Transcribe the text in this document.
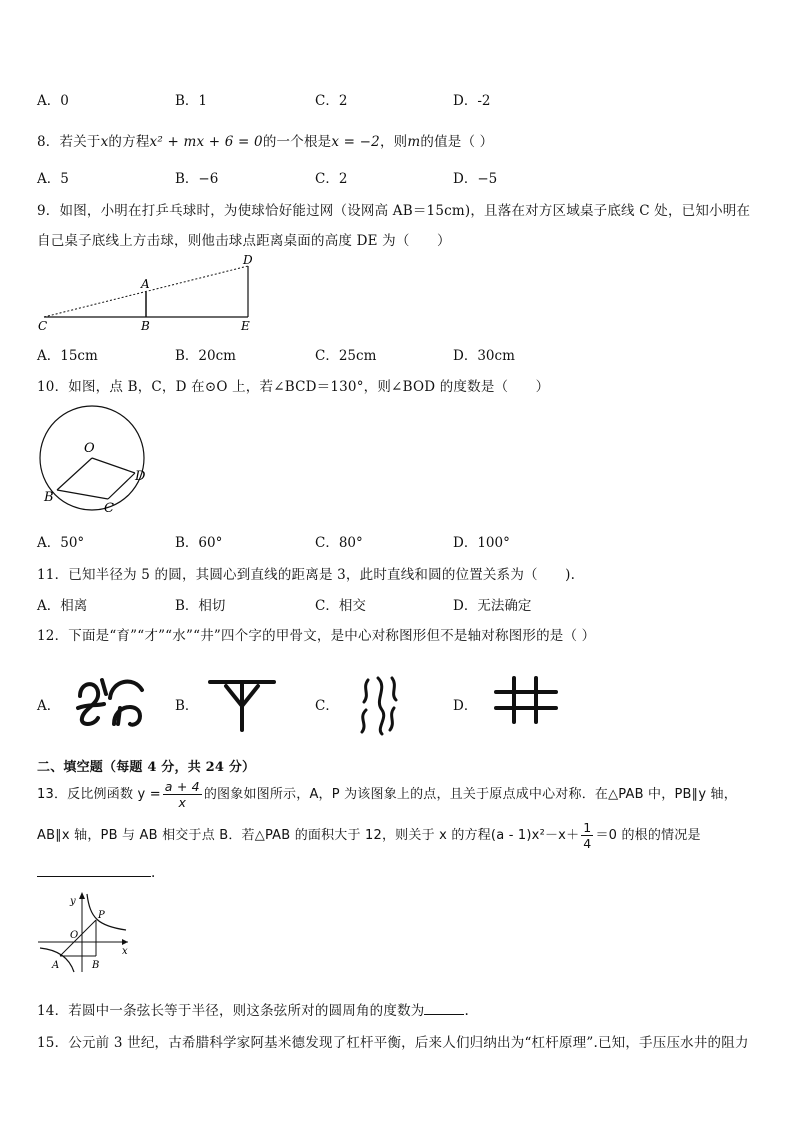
A．0	B．1	C．2	D．-2
8．若关于x的方程x² + mx + 6 = 0的一个根是x = −2，则m的值是（ ）
A．5	B．−6	C．2	D．−5
9．如图，小明在打乒乓球时，为使球恰好能过网（设网高 AB＝15cm)，且落在对方区域桌子底线 C 处，已知小明在
自己桌子底线上方击球，则他击球点距离桌面的高度 DE 为（　　）
C	B	E
A
D
A．15cm	B．20cm	C．25cm	D．30cm
10．如图，点 B，C，D 在⊙O 上，若∠BCD＝130°，则∠BOD 的度数是（　　）
O
B
C
D
A．50°	B．60°	C．80°	D．100°
11．已知半径为 5 的圆，其圆心到直线的距离是 3，此时直线和圆的位置关系为（　　).
A．相离	B．相切	C．相交	D．无法确定
12．下面是“育”“才”“水”“井”四个字的甲骨文，是中心对称图形但不是轴对称图形的是（ ）
A．	B．	C．	D．
二、填空题（每题 4 分，共 24 分）
13．反比例函数 $y = \frac{a + 4}{x}$ 的图象如图所示，A，P 为该图象上的点，且关于原点成中心对称．在△PAB 中，PB∥y 轴，
AB∥x 轴，PB 与 AB 相交于点 B．若△PAB 的面积大于 12，则关于 x 的方程$(a - 1)x^2-x+ \frac{1}{4} =0$ 的根的情况是
.
y
x
O
P
A	B
14．若圆中一条弦长等于半径，则这条弦所对的圆周角的度数为	.
15．公元前 3 世纪，古希腊科学家阿基米德发现了杠杆平衡，后来人们归纳出为“杠杆原理”.已知，手压压水井的阻力
